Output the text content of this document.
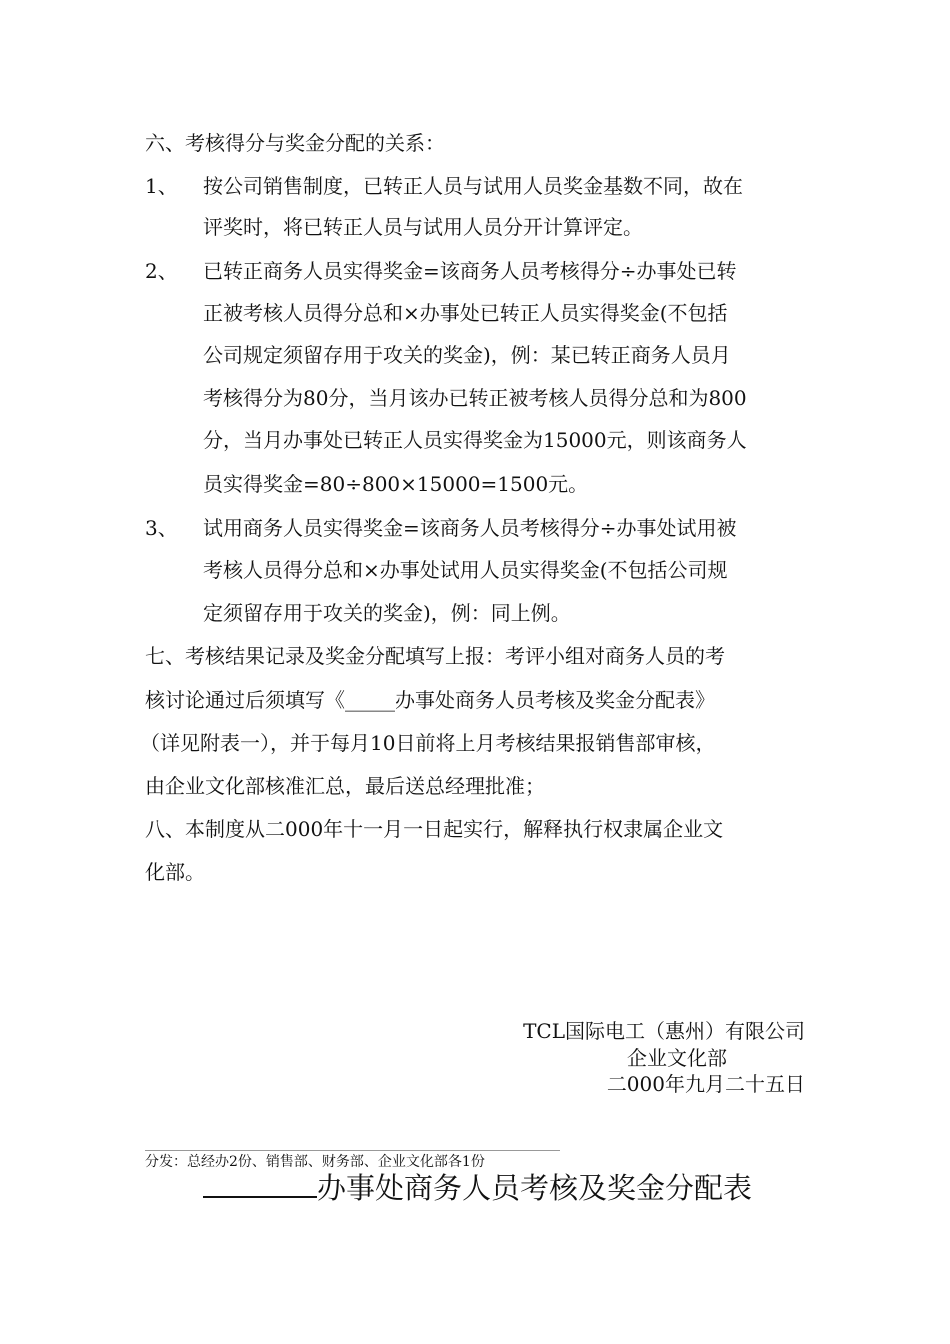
六、考核得分与奖金分配的关系：
1、 按公司销售制度，已转正人员与试用人员奖金基数不同，故在
评奖时，将已转正人员与试用人员分开计算评定。
2、 已转正商务人员实得奖金=该商务人员考核得分÷办事处已转
正被考核人员得分总和×办事处已转正人员实得奖金(不包括
公司规定须留存用于攻关的奖金)，例：某已转正商务人员月
考核得分为80分，当月该办已转正被考核人员得分总和为800
分，当月办事处已转正人员实得奖金为15000元，则该商务人
员实得奖金=80÷800×15000=1500元。
3、 试用商务人员实得奖金=该商务人员考核得分÷办事处试用被
考核人员得分总和×办事处试用人员实得奖金(不包括公司规
定须留存用于攻关的奖金)，例：同上例。
七、考核结果记录及奖金分配填写上报：考评小组对商务人员的考
核讨论通过后须填写《_____办事处商务人员考核及奖金分配表》
（详见附表一），并于每月10日前将上月考核结果报销售部审核，
由企业文化部核准汇总，最后送总经理批准；
八、本制度从二000年十一月一日起实行，解释执行权隶属企业文
化部。
TCL国际电工（惠州）有限公司
企业文化部
二000年九月二十五日
分发：总经办2份、销售部、财务部、企业文化部各1份
办事处商务人员考核及奖金分配表
